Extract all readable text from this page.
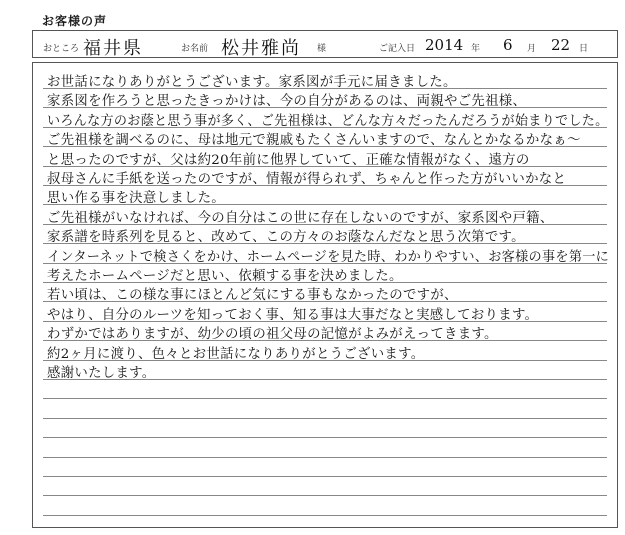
お客様の声
おところ 福井県	お名前 松井雅尚 様	ご記入日 2014 年 6 月 22 日
お世話になりありがとうございます。家系図が手元に届きました。
家系図を作ろうと思ったきっかけは、今の自分があるのは、両親やご先祖様、
いろんな方のお蔭と思う事が多く、ご先祖様は、どんな方々だったんだろうが始まりでした。
ご先祖様を調べるのに、母は地元で親戚もたくさんいますので、なんとかなるかなぁ〜
と思ったのですが、父は約20年前に他界していて、正確な情報がなく、遠方の
叔母さんに手紙を送ったのですが、情報が得られず、ちゃんと作った方がいいかなと
思い作る事を決意しました。
ご先祖様がいなければ、今の自分はこの世に存在しないのですが、家系図や戸籍、
家系譜を時系列を見ると、改めて、この方々のお蔭なんだなと思う次第です。
インターネットで検さくをかけ、ホームページを見た時、わかりやすい、お客様の事を第一に
考えたホームページだと思い、依頼する事を決めました。
若い頃は、この様な事にほとんど気にする事もなかったのですが、
やはり、自分のルーツを知っておく事、知る事は大事だなと実感しております。
わずかではありますが、幼少の頃の祖父母の記憶がよみがえってきます。
約2ヶ月に渡り、色々とお世話になりありがとうございます。
感謝いたします。
